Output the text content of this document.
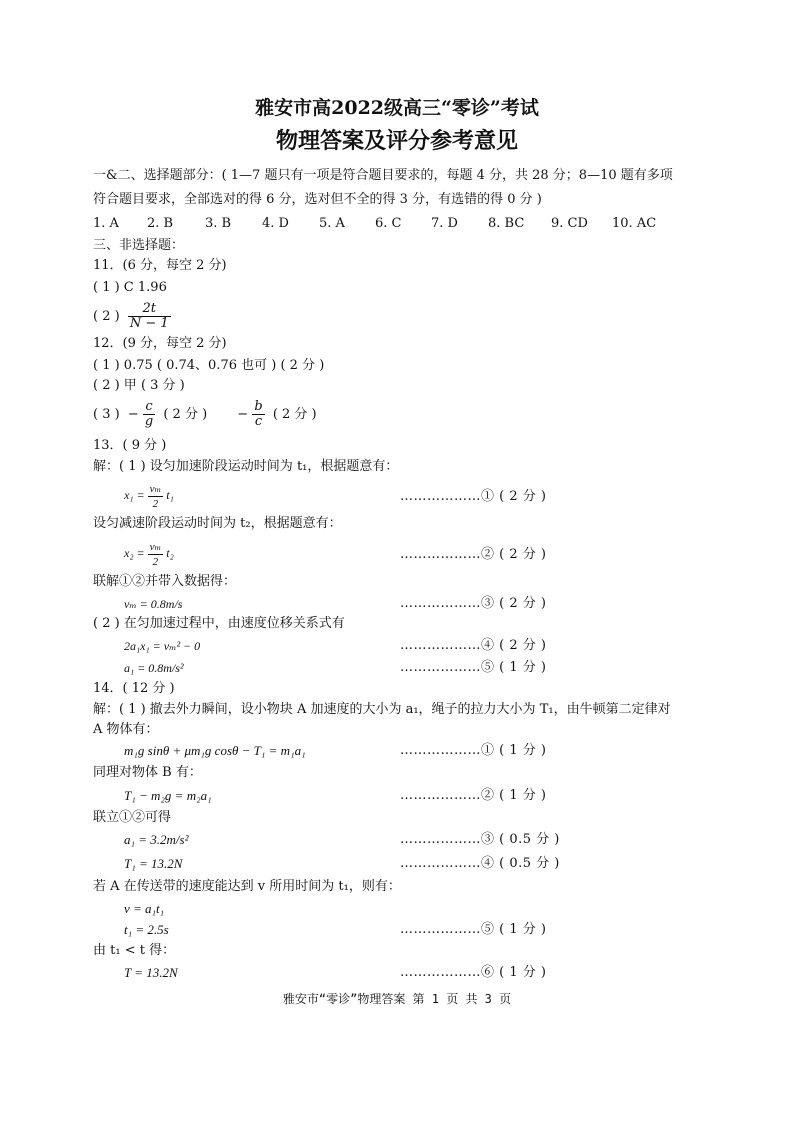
雅安市高2022级高三“零诊”考试
物理答案及评分参考意见
一&二、选择题部分：( 1—7 题只有一项是符合题目要求的，每题 4 分，共 28 分；8—10 题有多项
符合题目要求，全部选对的得 6 分，选对但不全的得 3 分，有选错的得 0 分 )
1. A 2. B 3. B 4. D 5. A 6. C 7. D 8. BC 9. CD 10. AC
三、非选择题：
11．(6 分，每空 2 分)
( 1 ) C 1.96
( 2 ) $\frac{2t}{N - 1}$
12．(9 分，每空 2 分)
( 1 ) 0.75 ( 0.74、0.76 也可 ) ( 2 分 )
( 2 ) 甲 ( 3 分 )
( 3 ) − $\frac{c}{g}$ ( 2 分 ) − $\frac{b}{c}$ ( 2 分 )
13．( 9 分 )
解：( 1 ) 设匀加速阶段运动时间为 t₁，根据题意有：
$x_1 = \frac{\text{vₘ}}{2} t_1$	………………① ( 2 分 )
设匀减速阶段运动时间为 t₂，根据题意有：
$x_2 = \frac{\text{vₘ}}{2} t_2$	………………② ( 2 分 )
联解①②并带入数据得：
vₘ = 0.8m/s	………………③ ( 2 分 )
( 2 ) 在匀加速过程中，由速度位移关系式有
2a₁x₁ = vₘ² − 0	………………④ ( 2 分 )
a₁ = 0.8m/s²	………………⑤ ( 1 分 )
14．( 12 分 )
解：( 1 ) 撤去外力瞬间，设小物块 A 加速度的大小为 a₁，绳子的拉力大小为 T₁，由牛顿第二定律对
A 物体有：
m₁g sinθ + μm₁g cosθ − T₁ = m₁a₁	………………① ( 1 分 )
同理对物体 B 有：
T₁ − m₂g = m₂a₁	………………② ( 1 分 )
联立①②可得
a₁ = 3.2m/s²	………………③ ( 0.5 分 )
T₁ = 13.2N	………………④ ( 0.5 分 )
若 A 在传送带的速度能达到 v 所用时间为 t₁，则有：
v = a₁t₁
t₁ = 2.5s	………………⑤ ( 1 分 )
由 t₁ < t 得：
T = 13.2N	………………⑥ ( 1 分 )
雅安市“零诊”物理答案 第 1 页 共 3 页
